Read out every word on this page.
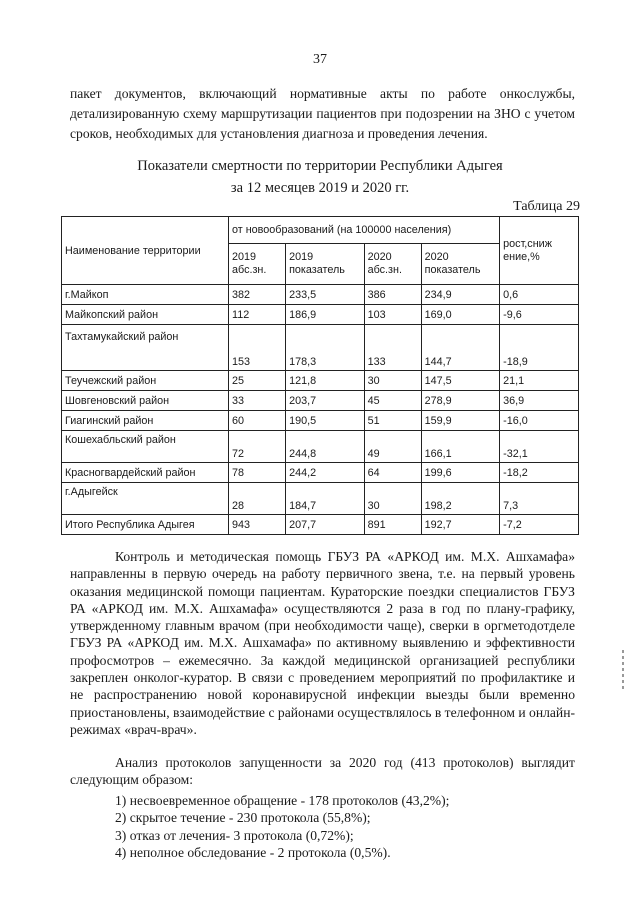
37

пакет документов, включающий нормативные акты по работе онкослужбы, детализированную схему маршрутизации пациентов при подозрении на ЗНО с учетом сроков, необходимых для установления диагноза и проведения лечения.

Показатели смертности по территории Республики Адыгея
за 12 месяцев 2019 и 2020 гг.
Таблица 29
Наименование территории	от новообразований (на 100000 населения)				рост,сниж ение,%
	2019 абс.зн.	2019 показатель	2020 абс.зн.	2020 показатель	
г.Майкоп	382	233,5	386	234,9	0,6
Майкопский район	112	186,9	103	169,0	-9,6
Тахтамукайский район	153	178,3	133	144,7	-18,9
Теучежский район	25	121,8	30	147,5	21,1
Шовгеновский район	33	203,7	45	278,9	36,9
Гиагинский район	60	190,5	51	159,9	-16,0
Кошехабльский район	72	244,8	49	166,1	-32,1
Красногвардейский район	78	244,2	64	199,6	-18,2
г.Адыгейск	28	184,7	30	198,2	7,3
Итого Республика Адыгея	943	207,7	891	192,7	-7,2

Контроль и методическая помощь ГБУЗ РА «АРКОД им. М.Х. Ашхамафа» направленны в первую очередь на работу первичного звена, т.е. на первый уровень оказания медицинской помощи пациентам. Кураторские поездки специалистов ГБУЗ РА «АРКОД им. М.Х. Ашхамафа» осуществляются 2 раза в год по плану-графику, утвержденному главным врачом (при необходимости чаще), сверки в оргметодотделе ГБУЗ РА «АРКОД им. М.Х. Ашхамафа» по активному выявлению и эффективности профосмотров – ежемесячно. За каждой медицинской организацией республики закреплен онколог-куратор. В связи с проведением мероприятий по профилактике и не распространению новой коронавирусной инфекции выезды были временно приостановлены, взаимодействие с районами осуществлялось в телефонном и онлайн-режимах «врач-врач».

Анализ протоколов запущенности за 2020 год (413 протоколов) выглядит следующим образом:

1) несвоевременное обращение - 178 протоколов (43,2%);
2) скрытое течение - 230 протокола (55,8%);
3) отказ от лечения- 3 протокола (0,72%);
4) неполное обследование - 2 протокола (0,5%).
